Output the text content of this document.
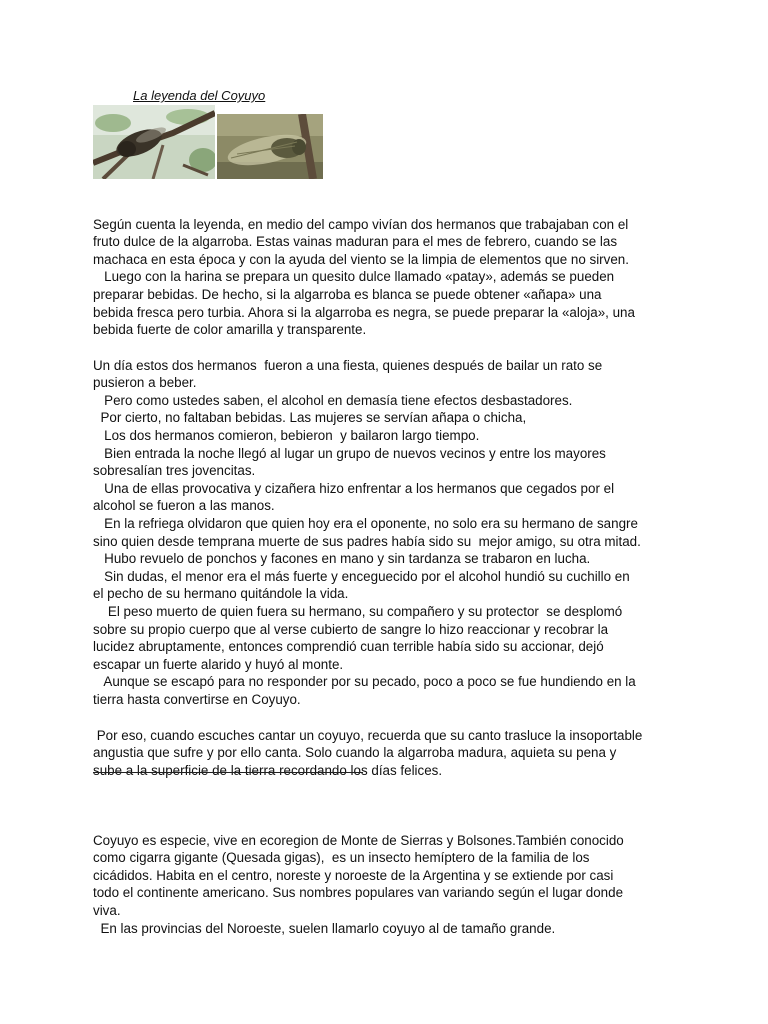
La leyenda del Coyuyo

Según cuenta la leyenda, en medio del campo vivían dos hermanos que trabajaban con el
fruto dulce de la algarroba. Estas vainas maduran para el mes de febrero, cuando se las
machaca en esta época y con la ayuda del viento se la limpia de elementos que no sirven.
Luego con la harina se prepara un quesito dulce llamado «patay», además se pueden
preparar bebidas. De hecho, si la algarroba es blanca se puede obtener «añapa» una
bebida fresca pero turbia. Ahora si la algarroba es negra, se puede preparar la «aloja», una
bebida fuerte de color amarilla y transparente.

Un día estos dos hermanos  fueron a una fiesta, quienes después de bailar un rato se
pusieron a beber.
Pero como ustedes saben, el alcohol en demasía tiene efectos desbastadores.
Por cierto, no faltaban bebidas. Las mujeres se servían añapa o chicha,
Los dos hermanos comieron, bebieron  y bailaron largo tiempo.
Bien entrada la noche llegó al lugar un grupo de nuevos vecinos y entre los mayores
sobresalían tres jovencitas.
Una de ellas provocativa y cizañera hizo enfrentar a los hermanos que cegados por el
alcohol se fueron a las manos.
En la refriega olvidaron que quien hoy era el oponente, no solo era su hermano de sangre
sino quien desde temprana muerte de sus padres había sido su  mejor amigo, su otra mitad.
Hubo revuelo de ponchos y facones en mano y sin tardanza se trabaron en lucha.
Sin dudas, el menor era el más fuerte y enceguecido por el alcohol hundió su cuchillo en
el pecho de su hermano quitándole la vida.
El peso muerto de quien fuera su hermano, su compañero y su protector  se desplomó
sobre su propio cuerpo que al verse cubierto de sangre lo hizo reaccionar y recobrar la
lucidez abruptamente, entonces comprendió cuan terrible había sido su accionar, dejó
escapar un fuerte alarido y huyó al monte.
Aunque se escapó para no responder por su pecado, poco a poco se fue hundiendo en la
tierra hasta convertirse en Coyuyo.

Por eso, cuando escuches cantar un coyuyo, recuerda que su canto trasluce la insoportable
angustia que sufre y por ello canta. Solo cuando la algarroba madura, aquieta su pena y
sube a la superficie de la tierra recordando los días felices.

Coyuyo es especie, vive en ecoregion de Monte de Sierras y Bolsones.También conocido
como cigarra gigante (Quesada gigas),  es un insecto hemíptero de la familia de los
cicádidos. Habita en el centro, noreste y noroeste de la Argentina y se extiende por casi
todo el continente americano. Sus nombres populares van variando según el lugar donde
viva.
En las provincias del Noroeste, suelen llamarlo coyuyo al de tamaño grande.
